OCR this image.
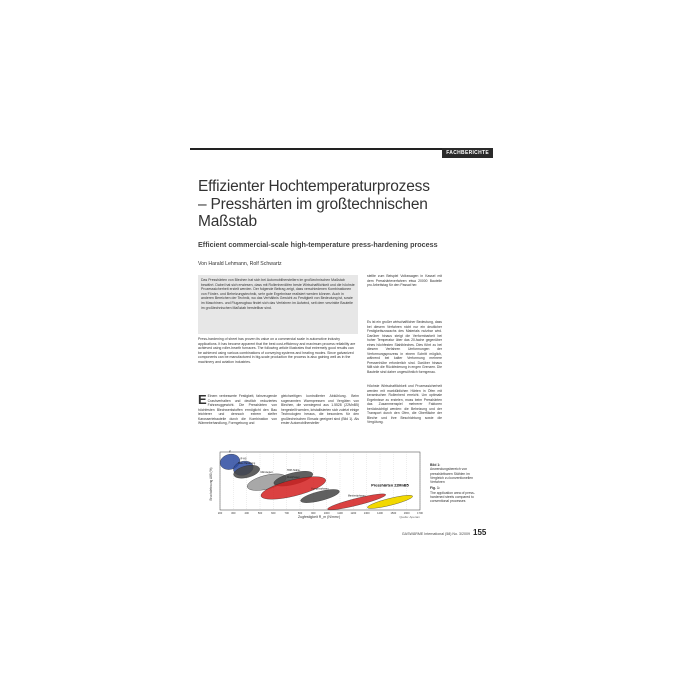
FACHBERICHTE
Effizienter Hochtemperaturprozess – Presshärten im großtechnischen Maßstab
Efficient commercial-scale high-temperature press-hardening process
Von Harald Lehmann, Rolf Schwartz
Das Presshärten von Blechen hat sich bei Automobilherstellern im großtechnischen Maßstab bewährt. Dabei hat sich erwiesen, dass mit Rollenherdöfen beste Wirtschaftlichkeit und die höchste Prozesssicherheit erzielt werden. Der folgende Beitrag zeigt, dass verschiedenen Kombinationen von Förder- und Beheizungstechnik, sehr gute Ergebnisse realisiert werden können. Auch in anderen Bereichen der Technik, wo das Verhältnis Gewicht zu Festigkeit von Bedeutung ist, sowie im Maschinen- und Flugzeugbau findet sich das Verfahren im Aufwind, seit dem verzinkte Bauteile im großtechnischen Maßstab herstellbar sind.
Press-hardening of sheet has proven its value on a commercial scale in automotive industry applications. It has become apparent that the best cost-efficiency and maximum process reliability are achieved using roller-hearth furnaces. The following article illustrates that extremely good results can be achieved using various combinations of conveying systems and heating modes. Since galvanized components can be manufactured in big-scale production the process is also gaining well as in the machinery and aviation industries.
E Einem verbesserte Festigkeit, fahrzeugende Crashverhalten und deutlich reduziertes Fahrzeuggewicht. Die Presshärten von höchfesten Blechwerkstoffen ermöglicht den Bau leichterer und dennoch extrem steifer Karosseriebauteile durch die Kombination von Wärmebehandlung, Formgebung und
gleichzeitigen kontrollierter Abkühlung. Beim sogenannten Warmpressen und Vergüten von Blechen, die vorwiegend aus 1.5528 (22MnB5) hergestellt werden, kristallisierten sich zuletzt einige Technologien heraus, die besonders für den großtechnischen Einsatz geeignet sind (Bild 1). Als erster Automobilhersteller
stellte zum Beispiel Volkswagen in Kassel mit dem Presshärteverfahren etwa 20000 Bauteile pro Arbeitstag für den Passat her.
Es ist ein großer wirtschaftlicher Bedeutung, dass bei diesem Verfahren nicht nur ein deutlicher Festigkeitszuwachs des Materials nutzbar wird. Darüber hinaus steigt die Verformbarkeit bei hoher Temperatur über das 20-fache gegenüber eines höchfesten Stahlbleches. Dies führt zu bei diesem Verfahren Umformungen der Verformungsprozess in einem Schritt möglich, während bei kalter Verformung mehrere Pressenhübe erforderlich sind. Darüber hinaus fällt sich die Rückfederung in engen Grenzen. Die Bauteile sind daher ungewöhnlich formgenau.
Höchste Wirtschaftlichkeit und Prozesssicherheit werden mit marktüblichen Härten in Öfen mit keramischen Rollenherd erreicht. Um optimale Ergebnisse zu erzielen, muss beim Presshärten das Zusammenspiel mehrerer Faktoren berücksichtigt werden: die Beheizung und der Transport durch den Ofen, die Oberfläche der Bleche und ihre Beschichtung sowie die Vergütung.
IF
IF-HS
Bake Hardening
Mikrolegiert
TRIP-Stähle
Dualphasen
Komplexphasen
Martensitphasen
Presshärten 22MnB5
200	300	400	500	600	700	800	900	1000	1100	1200	1300	1400	1500	1600	1700
Zugfestigkeit R_m (N/mm²)
Bruchdehnung A80 (%)
Quelle: Aperam
Bild 1:
Anwendungsbereich von presshärtbaren Stählen im Vergleich zu konventionellen Verfahren
Fig. 1:
The application area of press-hardened steels compared to conventional processes
GASWÄRME International (58) No. 3/2009 155
